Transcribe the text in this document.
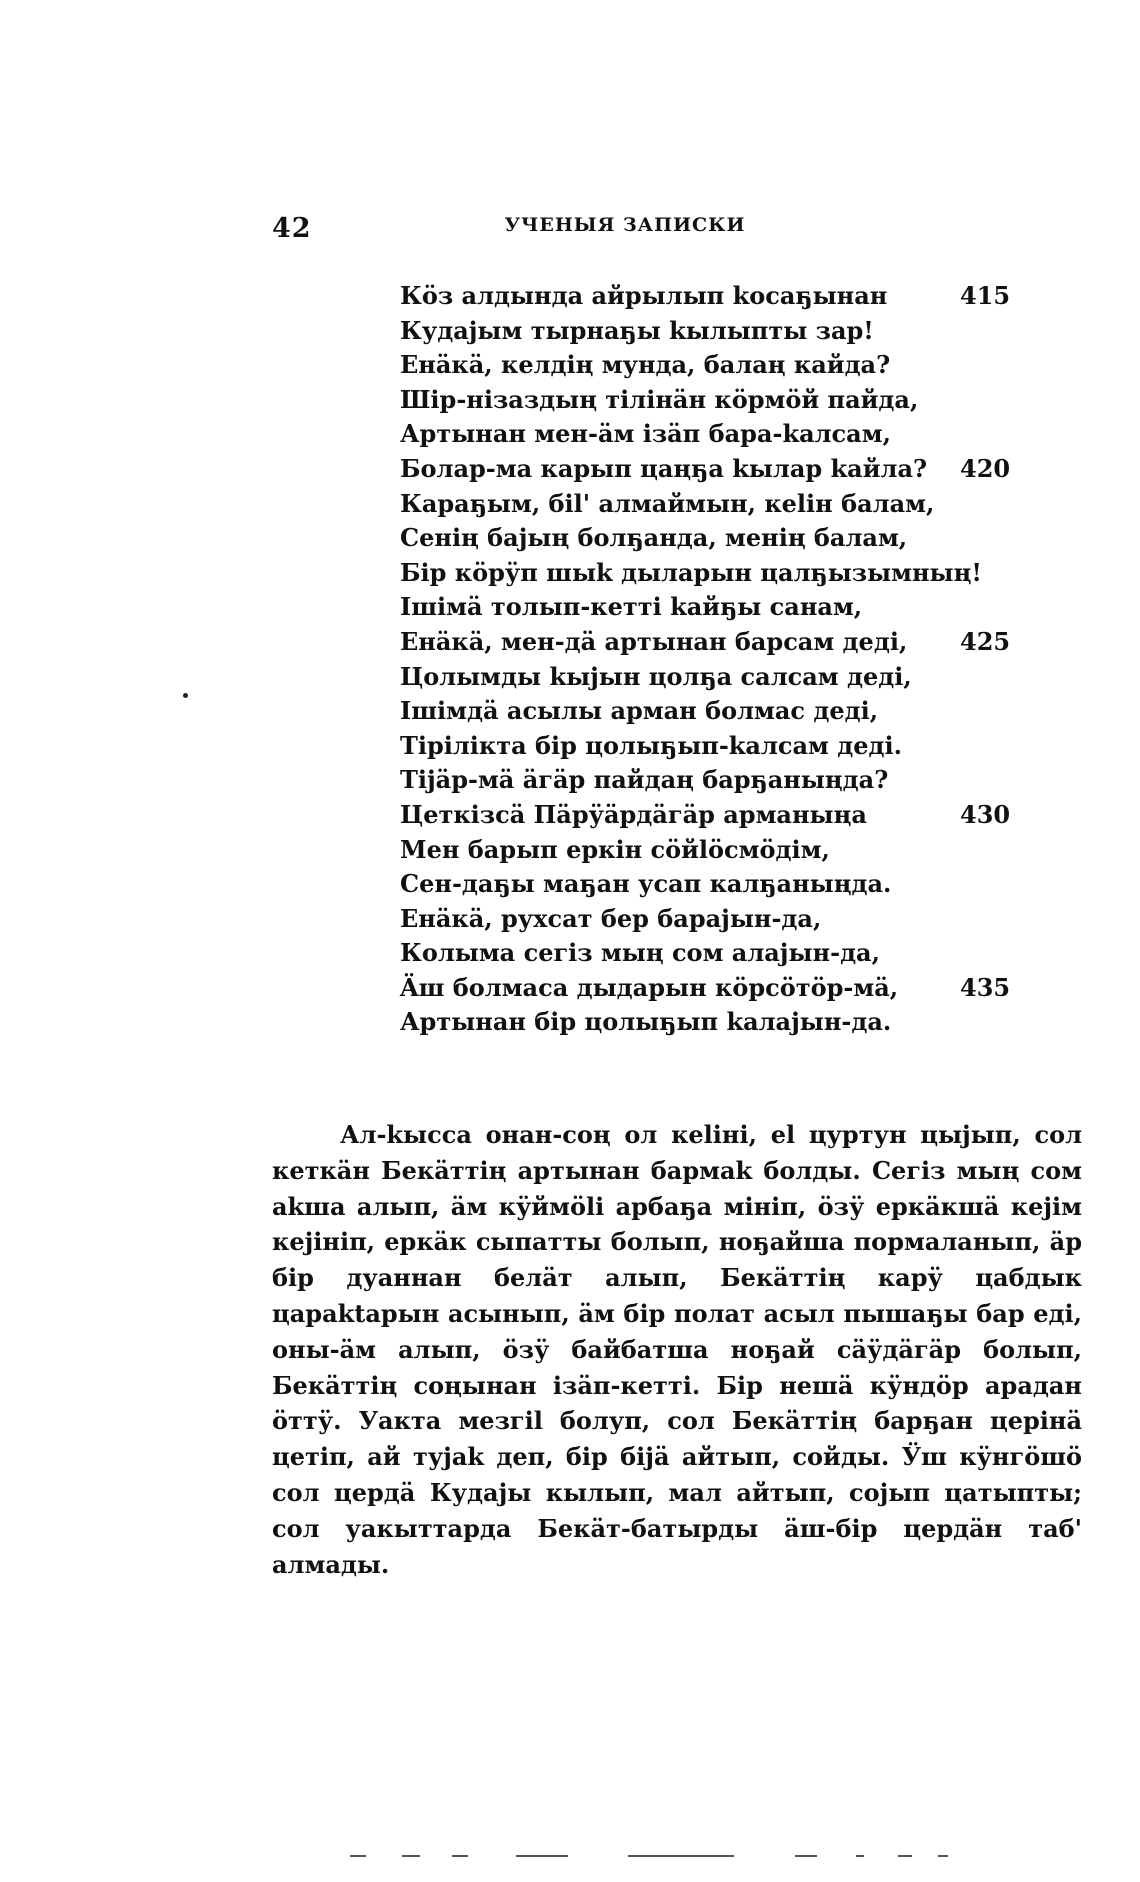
42	УЧЕНЫЯ ЗАПИСКИ
Кӧз алдында айрылып kосаҕынан	415
Кудајым тырнаҕы kылыпты зар!
Енäкä, келдің мунда, балаң кайда?
Шір-нізаздың тілінäн кӧрмӧй пайда,
Артынан мен-äм ізäп бара-kалсам,
Болар-ма карып цаңҕа kылар kайла? 420
Караҕым, біl' алмаймын, кеlін балам,
Сенің бајың болҕанда, менің балам,
Бір кӧрӱп шыk дыларын цалҕызымның!
Ішімä толып-кетті kайҕы санам,
Енäкä, мен-дä артынан барсам деді, 425
Цолымды kыјын цолҕа салсам деді,
Ішімдä асылы арман болмас деді,
Тірілікта бір цолыҕып-kалсам деді.
Тіјäр-мä äгäр пайдаң барҕаныңда?
Цеткізсä Пäрӱäрдäгäр арманыңа	430
Мен барып еркін сӧйlӧсмӧдім,
Сен-даҕы маҕан усап калҕаныңда.
Енäкä, рухсат бер барајын-да,
Колыма сегіз мың сом алајын-да,
Äш болмаса дыдарын кӧрсӧтӧр-мä,	435
Артынан бір цолыҕып kалајын-да.
Ал-kысса онан-соң ол кеlіні, el цуртун цыјып, сол кеткäн Бекäттің артынан бармаk болды. Сегіз мың сом аkша алып, äм кӱймӧlі арбаҕа мініп, ӧзӱ еркäкшä кејім кејініп, еркäк сыпатты болып, ноҕайша пормаланып, äр бір дуаннан белäт алып, Бекäттің карӱ цабдык цараktарын асынып, äм бір полат асыл пышаҕы бар еді, оны-äм алып, ӧзӱ байбатша ноҕай сäӱдäгäр болып, Бекäттің соңынан ізäп-кетті. Бір нешä кӱндӧр арадан ӧттӱ. Уакта мезгіl болуп, сол Бекäттің барҕан церінä цетіп, ай тујаk деп, бір біјä айтып, сойды. Ӱш кӱнгӧшӧ сол цердä Кудајы кылып, мал айтып, сојып цатыпты; сол уакыттарда Бекäт-батырды äш-бір цердäн таб' алмады.
